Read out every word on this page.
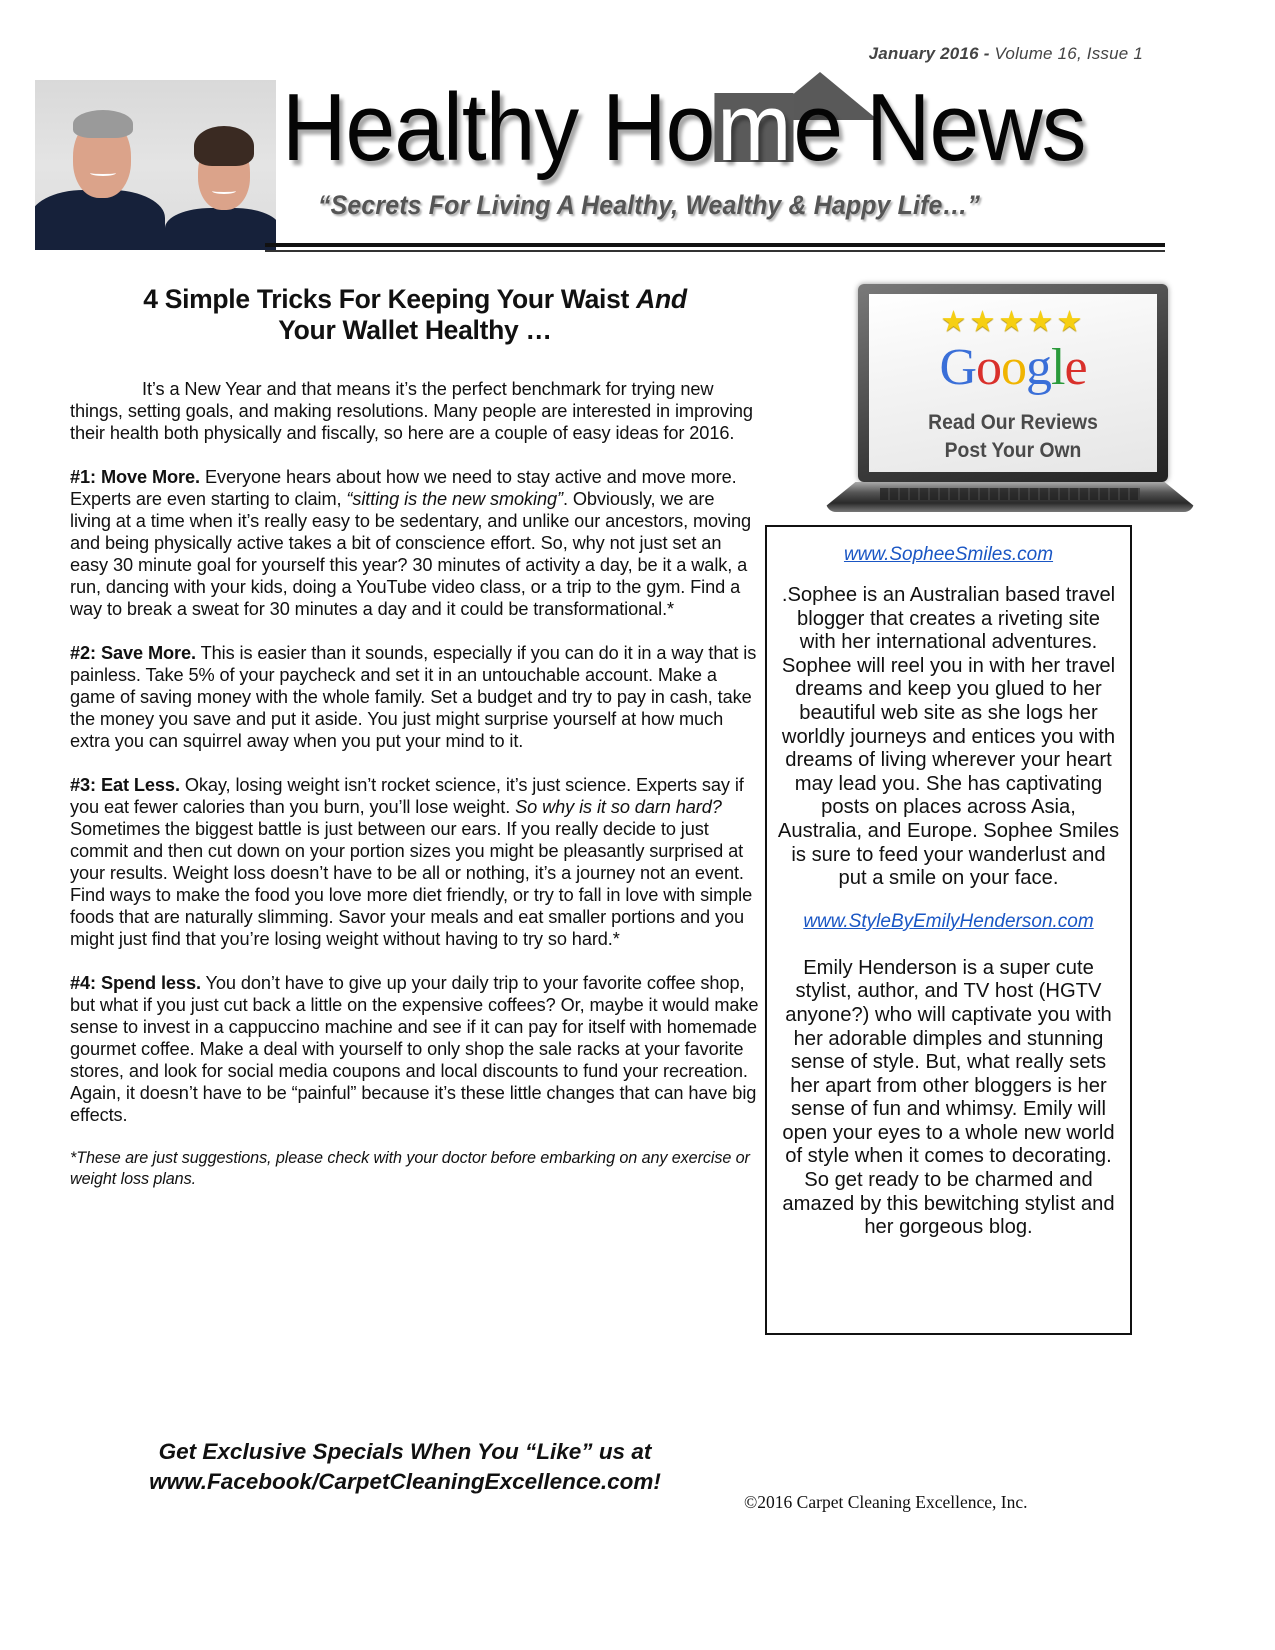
January 2016 - Volume 16, Issue 1
Healthy Home News
“Secrets For Living A Healthy, Wealthy & Happy Life…”
4 Simple Tricks For Keeping Your Waist And
Your Wallet Healthy …

It’s a New Year and that means it’s the perfect benchmark for trying new things, setting goals, and making resolutions. Many people are interested in improving their health both physically and fiscally, so here are a couple of easy ideas for 2016.

#1: Move More. Everyone hears about how we need to stay active and move more. Experts are even starting to claim, “sitting is the new smoking”. Obviously, we are living at a time when it’s really easy to be sedentary, and unlike our ancestors, moving and being physically active takes a bit of conscience effort. So, why not just set an easy 30 minute goal for yourself this year? 30 minutes of activity a day, be it a walk, a run, dancing with your kids, doing a YouTube video class, or a trip to the gym. Find a way to break a sweat for 30 minutes a day and it could be transformational.*

#2: Save More. This is easier than it sounds, especially if you can do it in a way that is painless. Take 5% of your paycheck and set it in an untouchable account. Make a game of saving money with the whole family. Set a budget and try to pay in cash, take the money you save and put it aside. You just might surprise yourself at how much extra you can squirrel away when you put your mind to it.

#3: Eat Less. Okay, losing weight isn’t rocket science, it’s just science. Experts say if you eat fewer calories than you burn, you’ll lose weight. So why is it so darn hard? Sometimes the biggest battle is just between our ears. If you really decide to just commit and then cut down on your portion sizes you might be pleasantly surprised at your results. Weight loss doesn’t have to be all or nothing, it’s a journey not an event. Find ways to make the food you love more diet friendly, or try to fall in love with simple foods that are naturally slimming. Savor your meals and eat smaller portions and you might just find that you’re losing weight without having to try so hard.*

#4: Spend less. You don’t have to give up your daily trip to your favorite coffee shop, but what if you just cut back a little on the expensive coffees? Or, maybe it would make sense to invest in a cappuccino machine and see if it can pay for itself with homemade gourmet coffee. Make a deal with yourself to only shop the sale racks at your favorite stores, and look for social media coupons and local discounts to fund your recreation. Again, it doesn’t have to be “painful” because it’s these little changes that can have big effects.

*These are just suggestions, please check with your doctor before embarking on any exercise or weight loss plans.

★★★★★
Google
Read Our Reviews
Post Your Own
www.SopheeSmiles.com

.Sophee is an Australian based travel blogger that creates a riveting site with her international adventures. Sophee will reel you in with her travel dreams and keep you glued to her beautiful web site as she logs her worldly journeys and entices you with dreams of living wherever your heart may lead you. She has captivating posts on places across Asia, Australia, and Europe. Sophee Smiles is sure to feed your wanderlust and put a smile on your face.

www.StyleByEmilyHenderson.com

Emily Henderson is a super cute stylist, author, and TV host (HGTV anyone?) who will captivate you with her adorable dimples and stunning sense of style. But, what really sets her apart from other bloggers is her sense of fun and whimsy. Emily will open your eyes to a whole new world of style when it comes to decorating. So get ready to be charmed and amazed by this bewitching stylist and her gorgeous blog.

Get Exclusive Specials When You “Like” us at
www.Facebook/CarpetCleaningExcellence.com!
©2016 Carpet Cleaning Excellence, Inc.
